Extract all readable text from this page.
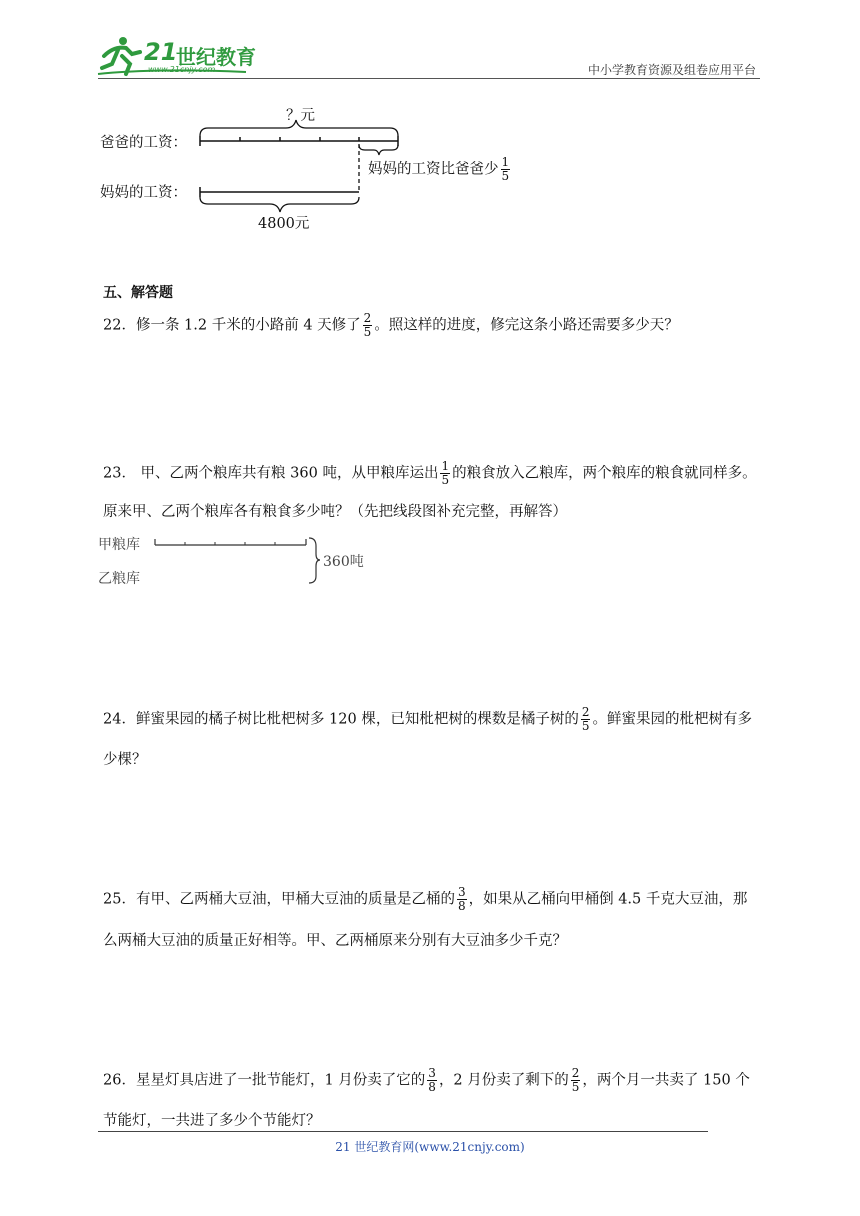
21
世纪教育
www.21cnjy.com	中小学教育资源及组卷应用平台
？元
爸爸的工资：
妈妈的工资：
妈妈的工资比爸爸少 $\frac{1}{5}$
4800元
五、解答题
22．修一条 1.2 千米的小路前 4 天修了 $\frac{2}{5}$ 。照这样的进度，修完这条小路还需要多少天？
23． 甲、乙两个粮库共有粮 360 吨，从甲粮库运出 $\frac{1}{5}$ 的粮食放入乙粮库，两个粮库的粮食就同样多。
原来甲、乙两个粮库各有粮食多少吨？（先把线段图补充完整，再解答）
甲粮库
乙粮库
360吨
24．鲜蜜果园的橘子树比枇杷树多 120 棵，已知枇杷树的棵数是橘子树的 $\frac{2}{5}$ 。鲜蜜果园的枇杷树有多
少棵？
25．有甲、乙两桶大豆油，甲桶大豆油的质量是乙桶的 $\frac{3}{8}$ ，如果从乙桶向甲桶倒 4.5 千克大豆油，那
么两桶大豆油的质量正好相等。甲、乙两桶原来分别有大豆油多少千克？
26．星星灯具店进了一批节能灯，1 月份卖了它的 $\frac{3}{8}$ ，2 月份卖了剩下的 $\frac{2}{5}$ ，两个月一共卖了 150 个
节能灯，一共进了多少个节能灯？
21 世纪教育网(www.21cnjy.com)
